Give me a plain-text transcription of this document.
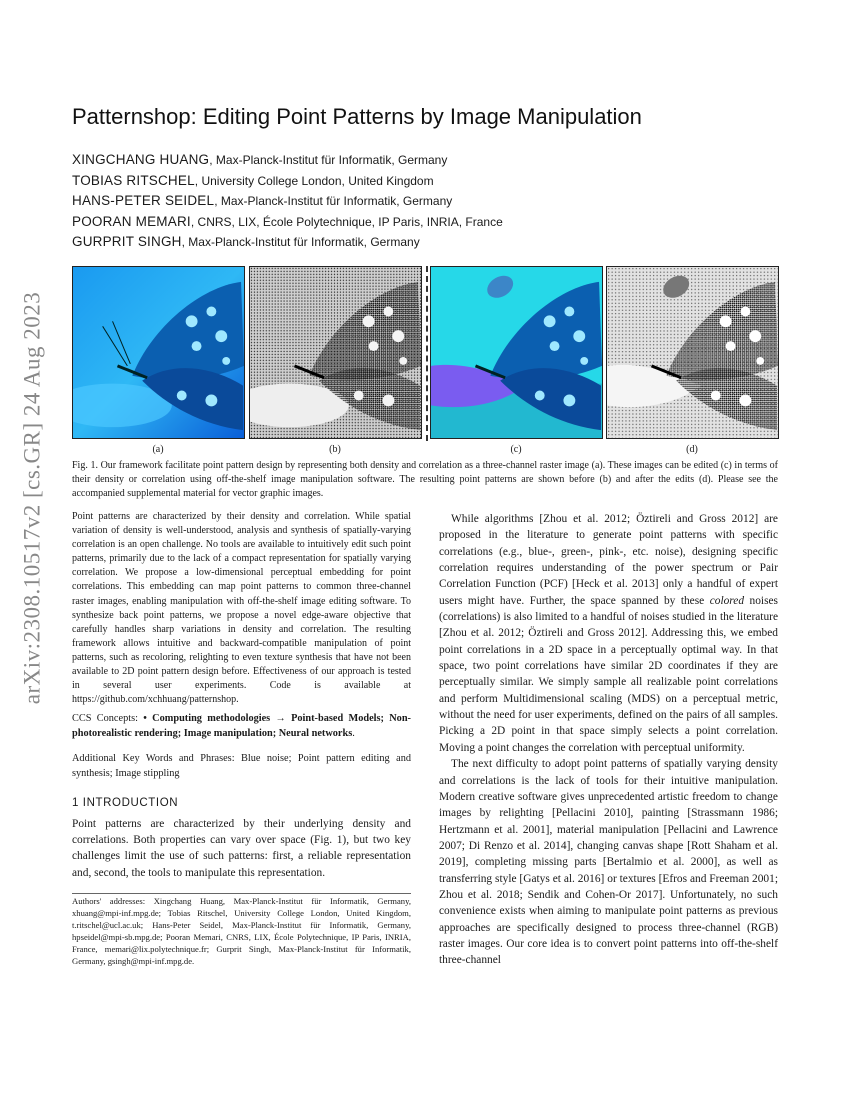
arXiv:2308.10517v2 [cs.GR] 24 Aug 2023
Patternshop: Editing Point Patterns by Image Manipulation
XINGCHANG HUANG, Max-Planck-Institut für Informatik, Germany
TOBIAS RITSCHEL, University College London, United Kingdom
HANS-PETER SEIDEL, Max-Planck-Institut für Informatik, Germany
POORAN MEMARI, CNRS, LIX, École Polytechnique, IP Paris, INRIA, France
GURPRIT SINGH, Max-Planck-Institut für Informatik, Germany
(a)	(b)	(c)	(d)
Fig. 1. Our framework facilitate point pattern design by representing both density and correlation as a three-channel raster image (a). These images can be edited (c) in terms of their density or correlation using off-the-shelf image manipulation software. The resulting point patterns are shown before (b) and after the edits (d). Please see the accompanied supplemental material for vector graphic images.
Point patterns are characterized by their density and correlation. While spatial variation of density is well-understood, analysis and synthesis of spatially-varying correlation is an open challenge. No tools are available to intuitively edit such point patterns, primarily due to the lack of a compact representation for spatially varying correlation. We propose a low-dimensional perceptual embedding for point correlations. This embedding can map point patterns to common three-channel raster images, enabling manipulation with off-the-shelf image editing software. To synthesize back point patterns, we propose a novel edge-aware objective that carefully handles sharp variations in density and correlation. The resulting framework allows intuitive and backward-compatible manipulation of point patterns, such as recoloring, relighting to even texture synthesis that have not been available to 2D point pattern design before. Effectiveness of our approach is tested in several user experiments. Code is available at https://github.com/xchhuang/patternshop.
CCS Concepts: • Computing methodologies → Point-based Models; Non-photorealistic rendering; Image manipulation; Neural networks.
Additional Key Words and Phrases: Blue noise; Point pattern editing and synthesis; Image stippling
1 INTRODUCTION
Point patterns are characterized by their underlying density and correlations. Both properties can vary over space (Fig. 1), but two key challenges limit the use of such patterns: first, a reliable representation and, second, the tools to manipulate this representation.
Authors' addresses: Xingchang Huang, Max-Planck-Institut für Informatik, Germany, xhuang@mpi-inf.mpg.de; Tobias Ritschel, University College London, United Kingdom, t.ritschel@ucl.ac.uk; Hans-Peter Seidel, Max-Planck-Institut für Informatik, Germany, hpseidel@mpi-sb.mpg.de; Pooran Memari, CNRS, LIX, École Polytechnique, IP Paris, INRIA, France, memari@lix.polytechnique.fr; Gurprit Singh, Max-Planck-Institut für Informatik, Germany, gsingh@mpi-inf.mpg.de.

While algorithms [Zhou et al. 2012; Öztireli and Gross 2012] are proposed in the literature to generate point patterns with specific correlations (e.g., blue-, green-, pink-, etc. noise), designing specific correlation requires understanding of the power spectrum or Pair Correlation Function (PCF) [Heck et al. 2013] only a handful of expert users might have. Further, the space spanned by these colored noises (correlations) is also limited to a handful of noises studied in the literature [Zhou et al. 2012; Öztireli and Gross 2012]. Addressing this, we embed point correlations in a 2D space in a perceptually optimal way. In that space, two point correlations have similar 2D coordinates if they are perceptually similar. We simply sample all realizable point correlations and perform Multidimensional scaling (MDS) on a perceptual metric, without the need for user experiments, defined on the pairs of all samples. Picking a 2D point in that space simply selects a point correlation. Moving a point changes the correlation with perceptual uniformity.

The next difficulty to adopt point patterns of spatially varying density and correlations is the lack of tools for their intuitive manipulation. Modern creative software gives unprecedented artistic freedom to change images by relighting [Pellacini 2010], painting [Strassmann 1986; Hertzmann et al. 2001], material manipulation [Pellacini and Lawrence 2007; Di Renzo et al. 2014], changing canvas shape [Rott Shaham et al. 2019], completing missing parts [Bertalmio et al. 2000], as well as transferring style [Gatys et al. 2016] or textures [Efros and Freeman 2001; Zhou et al. 2018; Sendik and Cohen-Or 2017]. Unfortunately, no such convenience exists when aiming to manipulate point patterns as previous approaches are specifically designed to process three-channel (RGB) raster images. Our core idea is to convert point patterns into off-the-shelf three-channel
